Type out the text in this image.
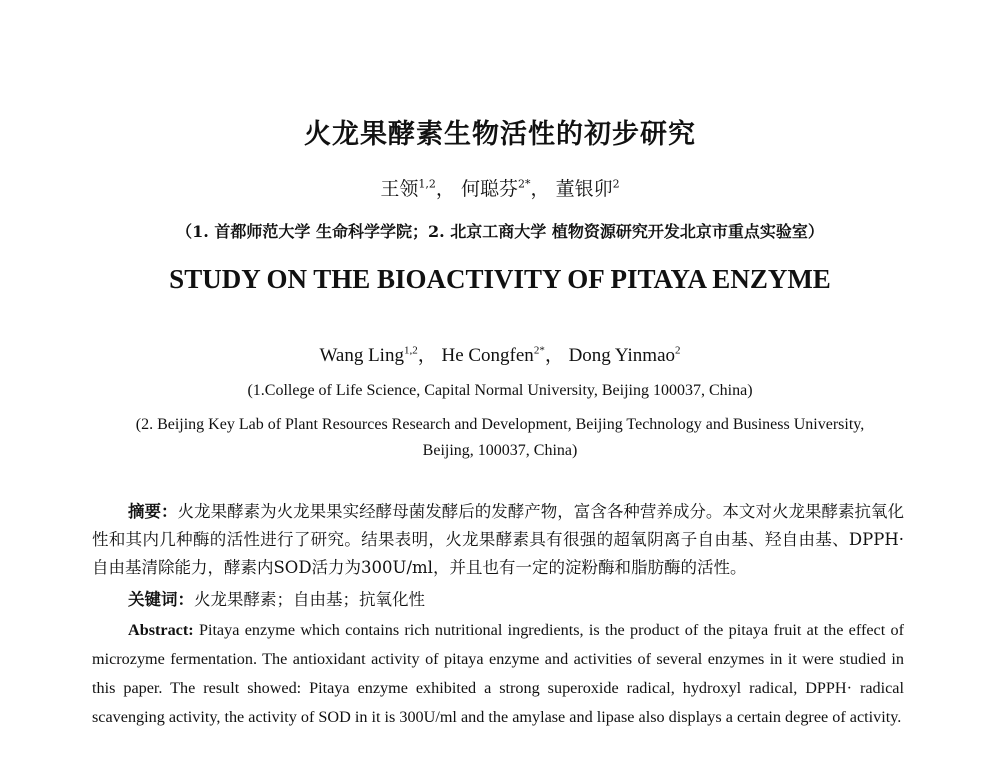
火龙果酵素生物活性的初步研究
王领$^{1,2}$， 何聪芬$^{2*}$， 董银卯$^2$
（1. 首都师范大学 生命科学学院；2. 北京工商大学 植物资源研究开发北京市重点实验室）
STUDY ON THE BIOACTIVITY OF PITAYA ENZYME
Wang Ling$^{1,2}$， He Congfen$^{2*}$， Dong Yinmao$^2$
(1.College of Life Science, Capital Normal University, Beijing 100037, China)
(2. Beijing Key Lab of Plant Resources Research and Development, Beijing Technology and Business University, Beijing, 100037, China)
摘要：火龙果酵素为火龙果果实经酵母菌发酵后的发酵产物，富含各种营养成分。本文对火龙果酵素抗氧化性和其内几种酶的活性进行了研究。结果表明，火龙果酵素具有很强的超氧阴离子自由基、羟自由基、DPPH·自由基清除能力，酵素内SOD活力为300U/ml，并且也有一定的淀粉酶和脂肪酶的活性。
关键词：火龙果酵素；自由基；抗氧化性
Abstract: Pitaya enzyme which contains rich nutritional ingredients, is the product of the pitaya fruit at the effect of microzyme fermentation. The antioxidant activity of pitaya enzyme and activities of several enzymes in it were studied in this paper. The result showed: Pitaya enzyme exhibited a strong superoxide radical, hydroxyl radical, DPPH· radical scavenging activity, the activity of SOD in it is 300U/ml and the amylase and lipase also displays a certain degree of activity.
